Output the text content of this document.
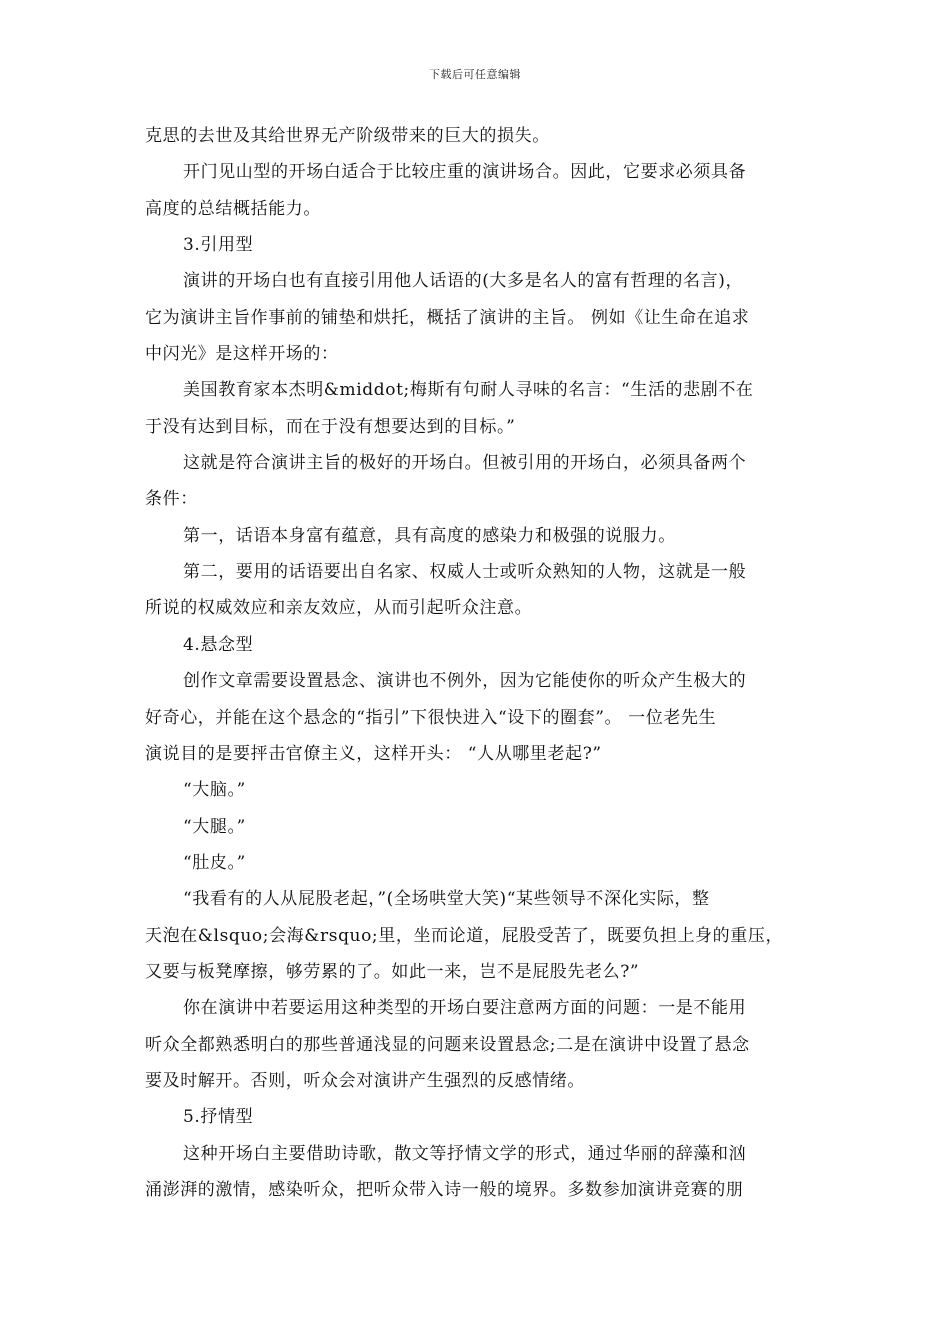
下载后可任意编辑
克思的去世及其给世界无产阶级带来的巨大的损失。
开门见山型的开场白适合于比较庄重的演讲场合。因此，它要求必须具备
高度的总结概括能力。
3.引用型
演讲的开场白也有直接引用他人话语的(大多是名人的富有哲理的名言)，
它为演讲主旨作事前的铺垫和烘托，概括了演讲的主旨。 例如《让生命在追求
中闪光》是这样开场的：
美国教育家本杰明&middot;梅斯有句耐人寻味的名言：“生活的悲剧不在
于没有达到目标，而在于没有想要达到的目标。”
这就是符合演讲主旨的极好的开场白。但被引用的开场白，必须具备两个
条件：
第一，话语本身富有蕴意，具有高度的感染力和极强的说服力。
第二，要用的话语要出自名家、权威人士或听众熟知的人物，这就是一般
所说的权威效应和亲友效应，从而引起听众注意。
4.悬念型
创作文章需要设置悬念、演讲也不例外，因为它能使你的听众产生极大的
好奇心，并能在这个悬念的“指引”下很快进入“设下的圈套”。 一位老先生
演说目的是要抨击官僚主义，这样开头： “人从哪里老起?”
“大脑。”
“大腿。”
“肚皮。”
“我看有的人从屁股老起，”(全场哄堂大笑)“某些领导不深化实际，整
天泡在&lsquo;会海&rsquo;里，坐而论道，屁股受苦了，既要负担上身的重压，
又要与板凳摩擦，够劳累的了。如此一来，岂不是屁股先老么?”
你在演讲中若要运用这种类型的开场白要注意两方面的问题：一是不能用
听众全都熟悉明白的那些普通浅显的问题来设置悬念;二是在演讲中设置了悬念
要及时解开。否则，听众会对演讲产生强烈的反感情绪。
5.抒情型
这种开场白主要借助诗歌，散文等抒情文学的形式，通过华丽的辞藻和汹
涌澎湃的激情，感染听众，把听众带入诗一般的境界。多数参加演讲竞赛的朋
